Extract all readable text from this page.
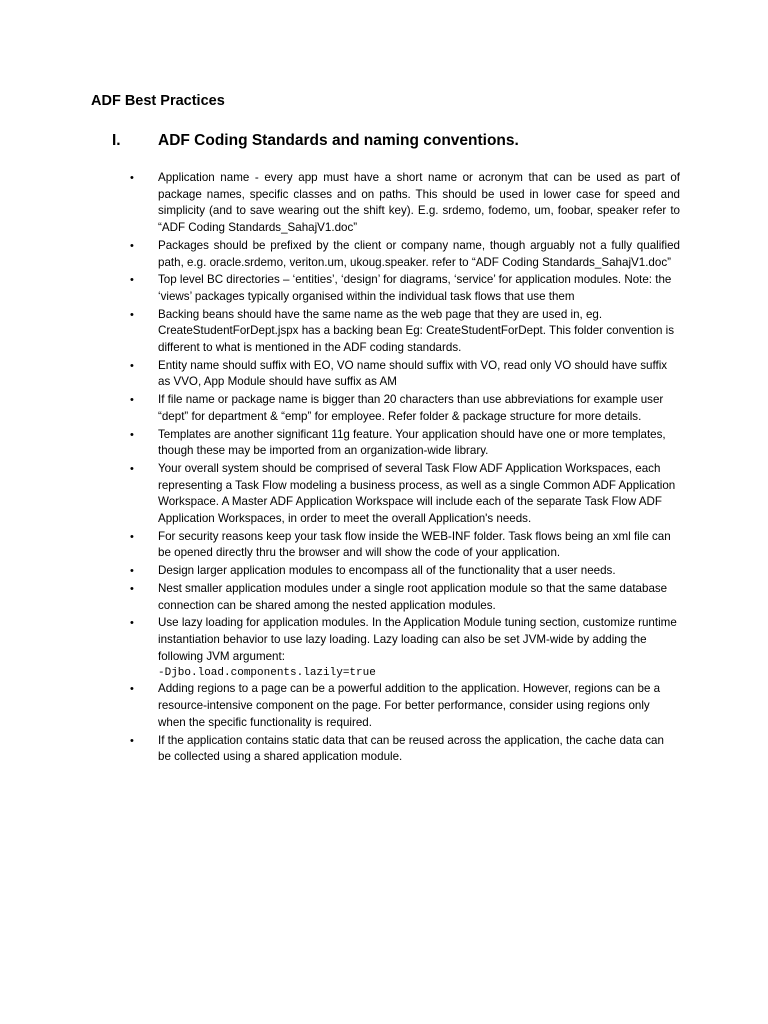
ADF Best Practices
I. ADF Coding Standards and naming conventions.
•	Application name - every app must have a short name or acronym that can be used as part of package names, specific classes and on paths. This should be used in lower case for speed and simplicity (and to save wearing out the shift key). E.g. srdemo, fodemo, um, foobar, speaker refer to “ADF Coding Standards_SahajV1.doc”
•	Packages should be prefixed by the client or company name, though arguably not a fully qualified path, e.g. oracle.srdemo, veriton.um, ukoug.speaker. refer to “ADF Coding Standards_SahajV1.doc”
•	Top level BC directories – ‘entities’, ‘design’ for diagrams, ‘service’ for application modules. Note: the ‘views’ packages typically organised within the individual task flows that use them
•	Backing beans should have the same name as the web page that they are used in, eg. CreateStudentForDept.jspx has a backing bean Eg: CreateStudentForDept. This folder convention is different to what is mentioned in the ADF coding standards.
•	Entity name should suffix with EO, VO name should suffix with VO, read only VO should have suffix as VVO, App Module should have suffix as AM
•	If file name or package name is bigger than 20 characters than use abbreviations for example user “dept” for department & “emp” for employee. Refer folder & package structure for more details.
•	Templates are another significant 11g feature. Your application should have one or more templates, though these may be imported from an organization-wide library.
•	Your overall system should be comprised of several Task Flow ADF Application Workspaces, each representing a Task Flow modeling a business process, as well as a single Common ADF Application Workspace. A Master ADF Application Workspace will include each of the separate Task Flow ADF Application Workspaces, in order to meet the overall Application's needs.
•	For security reasons keep your task flow inside the WEB-INF folder. Task flows being an xml file can be opened directly thru the browser and will show the code of your application.
•	Design larger application modules to encompass all of the functionality that a user needs.
•	Nest smaller application modules under a single root application module so that the same database connection can be shared among the nested application modules.
•	Use lazy loading for application modules. In the Application Module tuning section, customize runtime instantiation behavior to use lazy loading. Lazy loading can also be set JVM-wide by adding the following JVM argument:
-Djbo.load.components.lazily=true
•	Adding regions to a page can be a powerful addition to the application. However, regions can be a resource-intensive component on the page. For better performance, consider using regions only when the specific functionality is required.
•	If the application contains static data that can be reused across the application, the cache data can be collected using a shared application module.
